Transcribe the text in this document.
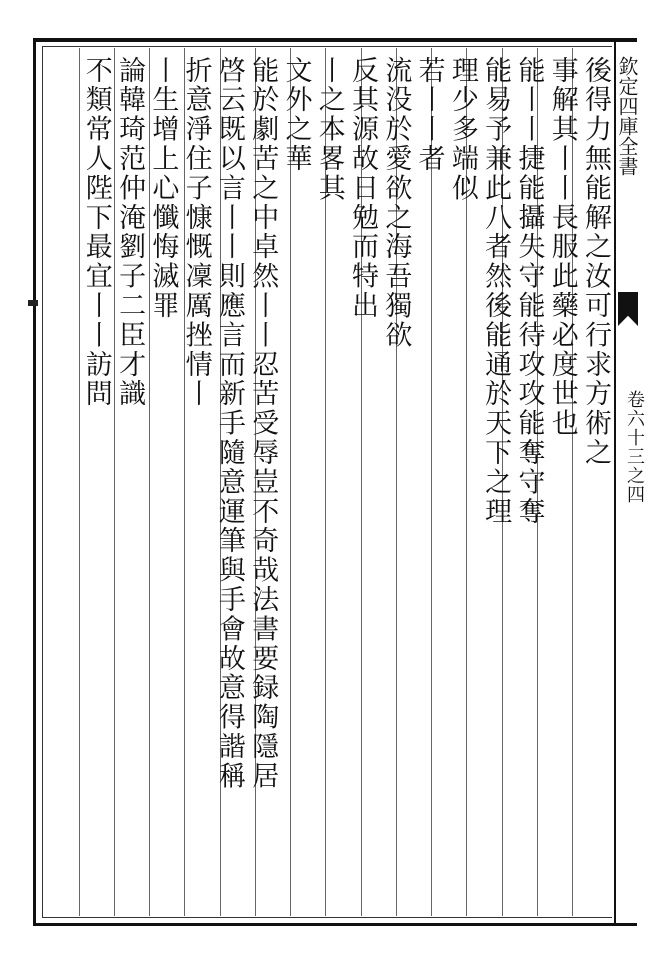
欽定四庫全書
卷六十三之四
後得力無能解之汝可行求方術之
事解其丨丨長服此藥必度世也
能丨丨捷能攝失守能待攻攻能奪守奪
能易予兼此八者然後能通於天下之理
理少多端似
若丨丨者
流没於愛欲之海吾獨欲
反其源故日勉而特出
丨之本畧其
文外之華
能於劇苦之中卓然丨丨忍苦受辱豈不奇哉法書要録陶隱居
啓云既以言丨丨則應言而新手隨意運筆與手會故意得諧稱
折意淨住子慷慨凜厲挫情丨
丨生增上心懺悔滅罪
論韓琦范仲淹劉子二臣才識
不類常人陛下最宜丨丨訪問
